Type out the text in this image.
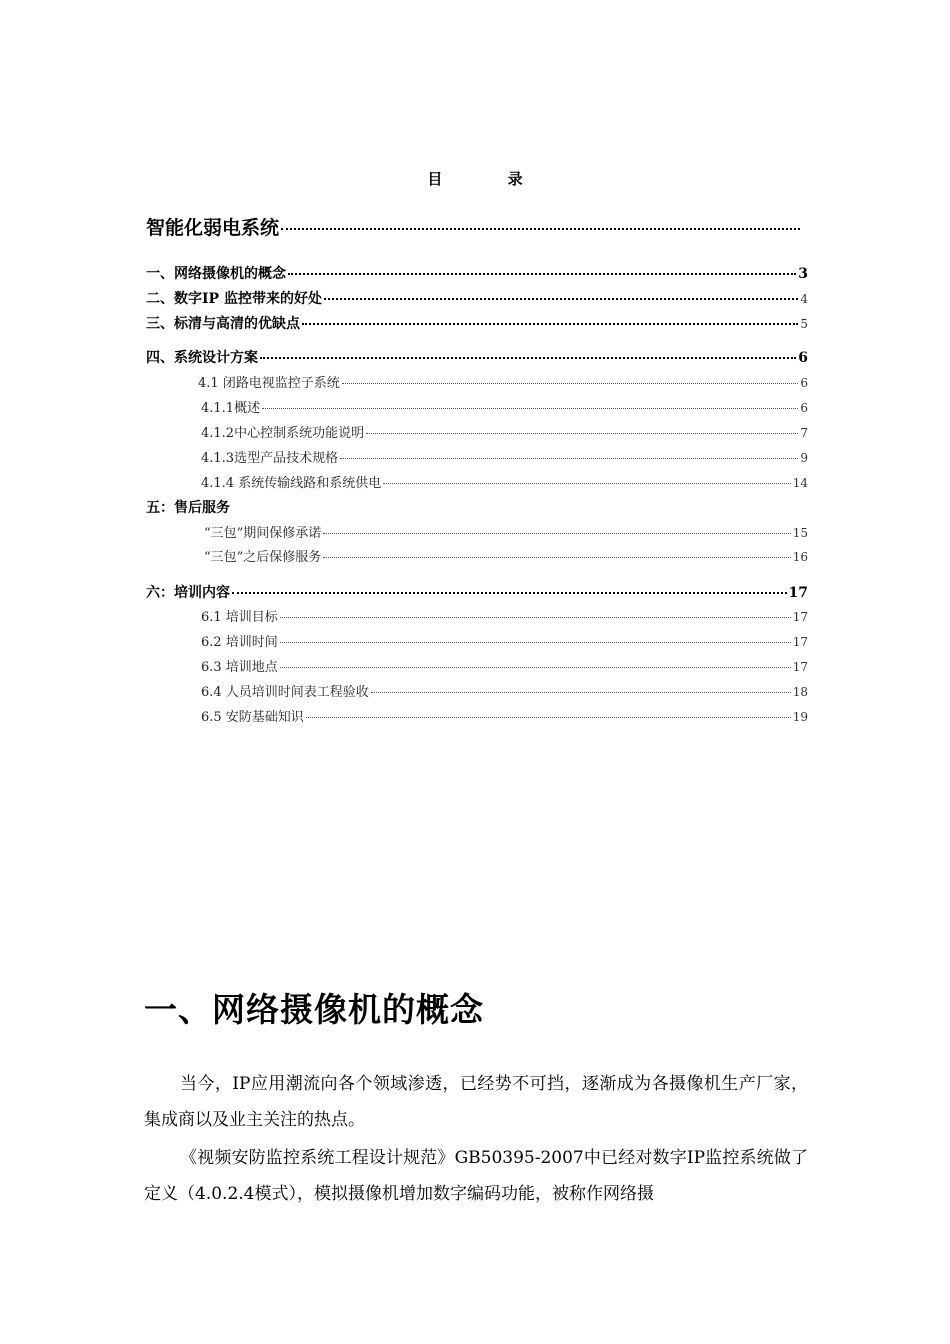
目 录
智能化弱电系统
一、网络摄像机的概念	3
二、数字IP 监控带来的好处	4
三、标清与高清的优缺点	5
四、系统设计方案	6
4.1 闭路电视监控子系统	6
4.1.1概述	6
4.1.2中心控制系统功能说明	7
4.1.3选型产品技术规格	9
4.1.4 系统传输线路和系统供电	14
五：售后服务
“三包”期间保修承诺	15
“三包”之后保修服务	16
六：培训内容	17
6.1 培训目标	17
6.2 培训时间	17
6.3 培训地点	17
6.4 人员培训时间表工程验收	18
6.5 安防基础知识	19
一、网络摄像机的概念
当今，IP应用潮流向各个领域渗透，已经势不可挡，逐渐成为各摄像机生产厂家，集成商以及业主关注的热点。
《视频安防监控系统工程设计规范》GB50395-2007中已经对数字IP监控系统做了定义（4.0.2.4模式），模拟摄像机增加数字编码功能，被称作网络摄
